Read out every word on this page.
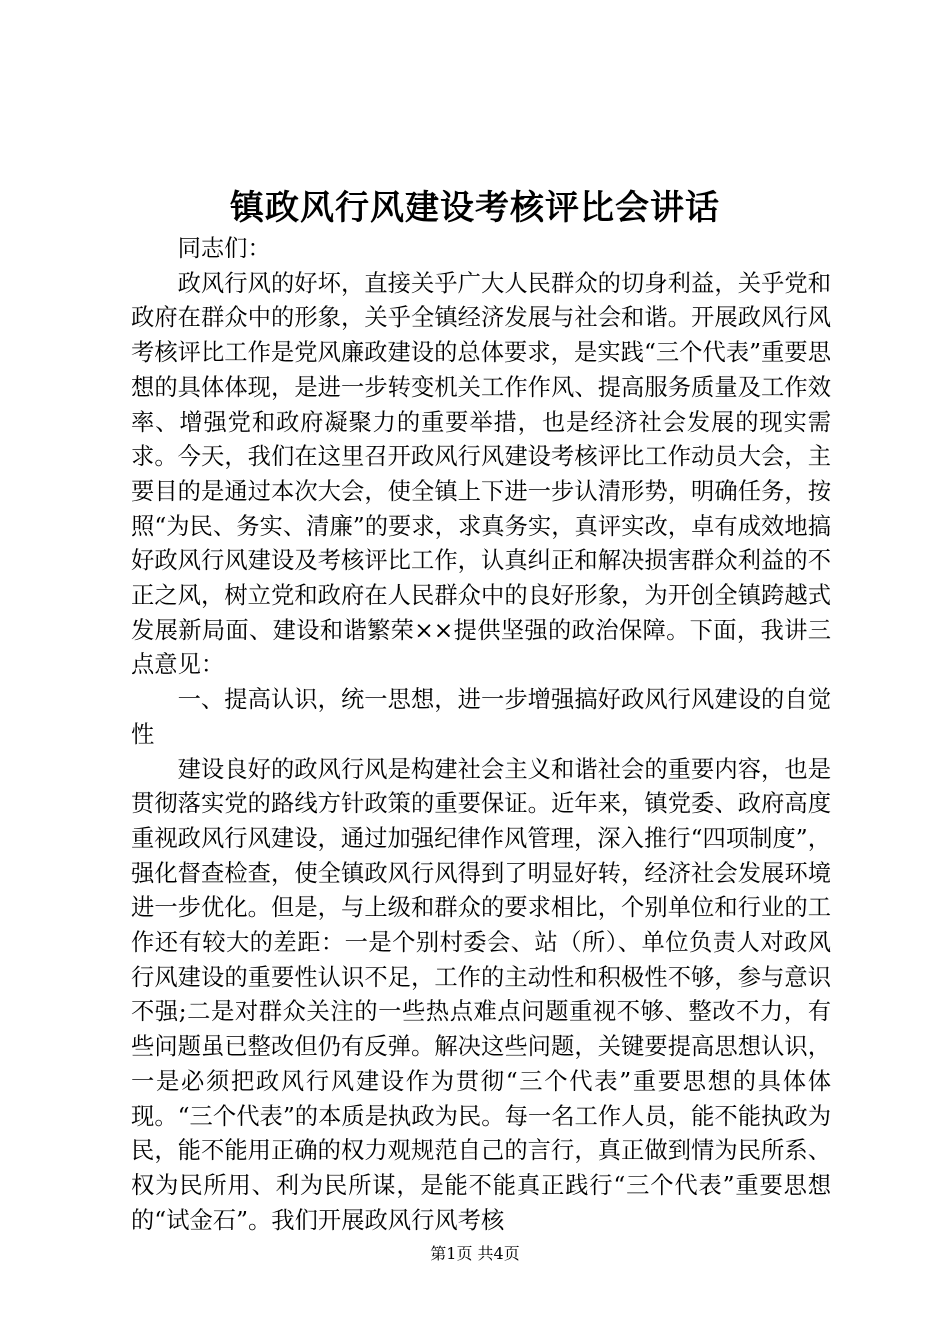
镇政风行风建设考核评比会讲话

同志们：

政风行风的好坏，直接关乎广大人民群众的切身利益，关乎党和政府在群众中的形象，关乎全镇经济发展与社会和谐。开展政风行风考核评比工作是党风廉政建设的总体要求，是实践“三个代表”重要思想的具体体现，是进一步转变机关工作作风、提高服务质量及工作效率、增强党和政府凝聚力的重要举措，也是经济社会发展的现实需求。今天，我们在这里召开政风行风建设考核评比工作动员大会，主要目的是通过本次大会，使全镇上下进一步认清形势，明确任务，按照“为民、务实、清廉”的要求，求真务实，真评实改，卓有成效地搞好政风行风建设及考核评比工作，认真纠正和解决损害群众利益的不正之风，树立党和政府在人民群众中的良好形象，为开创全镇跨越式发展新局面、建设和谐繁荣××提供坚强的政治保障。下面，我讲三点意见：

一、提高认识，统一思想，进一步增强搞好政风行风建设的自觉性

建设良好的政风行风是构建社会主义和谐社会的重要内容，也是贯彻落实党的路线方针政策的重要保证。近年来，镇党委、政府高度重视政风行风建设，通过加强纪律作风管理，深入推行“四项制度”，强化督查检查，使全镇政风行风得到了明显好转，经济社会发展环境进一步优化。但是，与上级和群众的要求相比，个别单位和行业的工作还有较大的差距：一是个别村委会、站（所）、单位负责人对政风行风建设的重要性认识不足，工作的主动性和积极性不够，参与意识不强;二是对群众关注的一些热点难点问题重视不够、整改不力，有些问题虽已整改但仍有反弹。解决这些问题，关键要提高思想认识，一是必须把政风行风建设作为贯彻“三个代表”重要思想的具体体现。“三个代表”的本质是执政为民。每一名工作人员，能不能执政为民，能不能用正确的权力观规范自己的言行，真正做到情为民所系、权为民所用、利为民所谋，是能不能真正践行“三个代表”重要思想的“试金石”。我们开展政风行风考核

第1页 共4页
